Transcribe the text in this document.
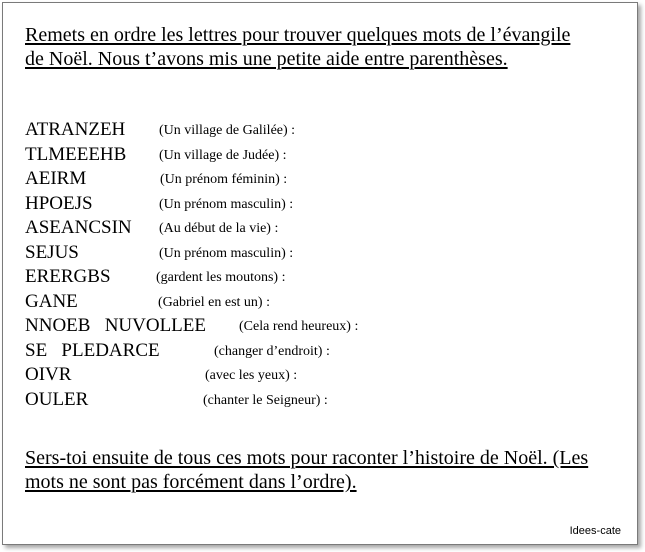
Remets en ordre les lettres pour trouver quelques mots de l’évangile
de Noël. Nous t’avons mis une petite aide entre parenthèses.
ATRANZEH (Un village de Galilée) :
TLMEEEHB (Un village de Judée) :
AEIRM	(Un prénom féminin) :
HPOEJS	(Un prénom masculin) :
ASEANCSIN (Au début de la vie) :
SEJUS	(Un prénom masculin) :
ERERGBS	(gardent les moutons) :
GANE	(Gabriel en est un) :
NNOEB   NUVOLLEE (Cela rend heureux) :
SE   PLEDARCE	(changer d’endroit) :
OIVR	(avec les yeux) :
OULER	(chanter le Seigneur) :
Sers-toi ensuite de tous ces mots pour raconter l’histoire de Noël. (Les
mots ne sont pas forcément dans l’ordre).
Idees-cate
